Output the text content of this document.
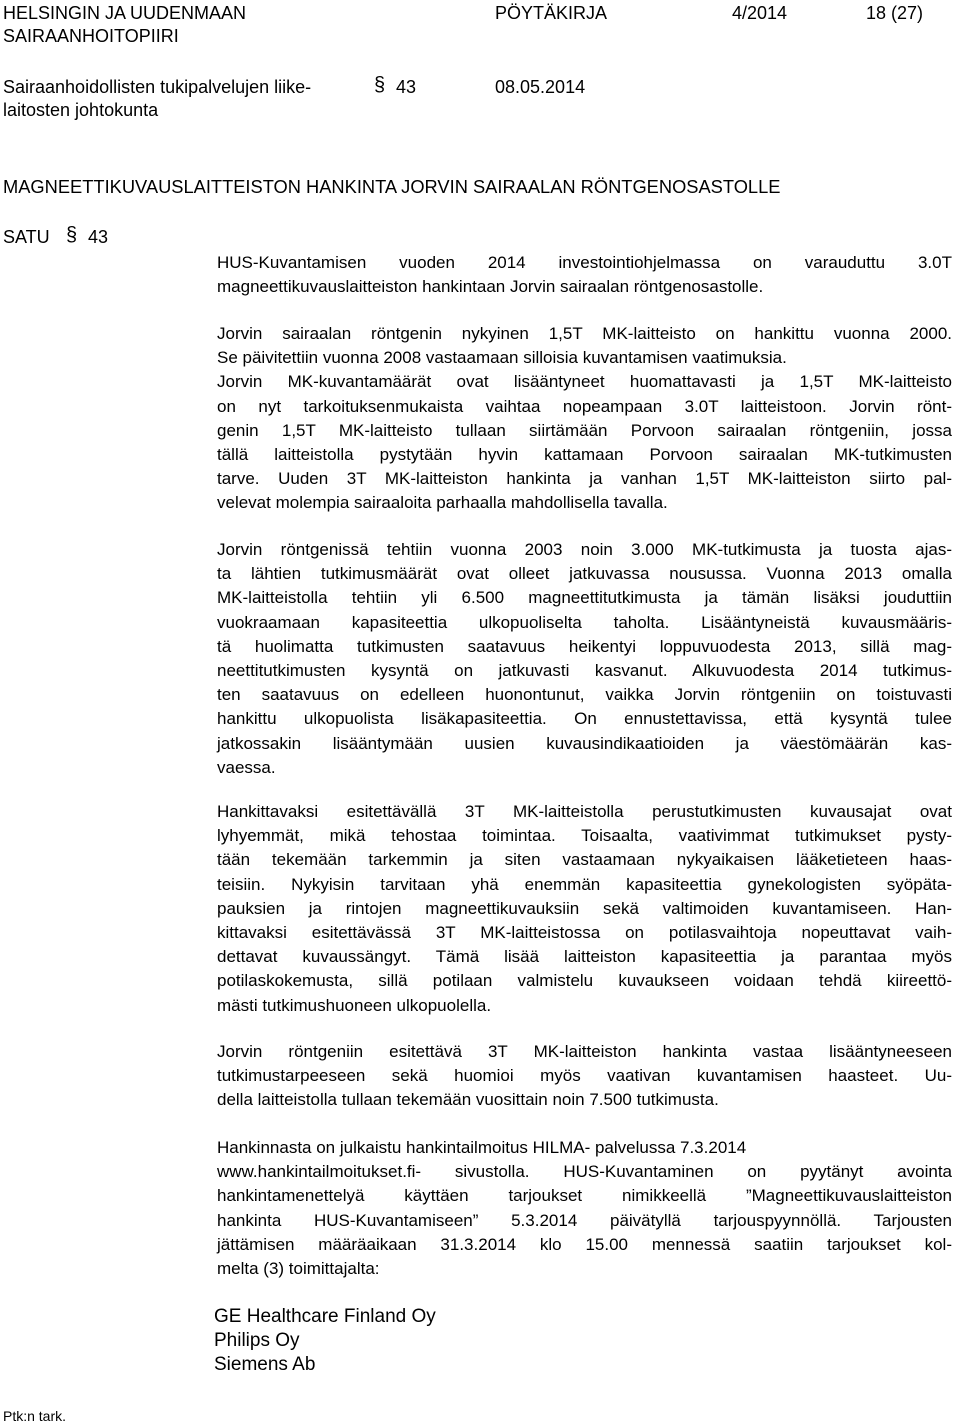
HELSINGIN JA UUDENMAAN
SAIRAANHOITOPIIRI
PÖYTÄKIRJA	4/2014	18 (27)
Sairaanhoidollisten tukipalvelujen liike-
laitosten johtokunta
§ 43	08.05.2014
MAGNEETTIKUVAUSLAITTEISTON HANKINTA JORVIN SAIRAALAN RÖNTGENOSASTOLLE
SATU § 43
HUS-Kuvantamisen vuoden 2014 investointiohjelmassa on varauduttu 3.0T
magneettikuvauslaitteiston hankintaan Jorvin sairaalan röntgenosastolle.
Jorvin sairaalan röntgenin nykyinen 1,5T MK-laitteisto on hankittu vuonna 2000.
Se päivitettiin vuonna 2008 vastaamaan silloisia kuvantamisen vaatimuksia.
Jorvin MK-kuvantamäärät ovat lisääntyneet huomattavasti ja 1,5T MK-laitteisto
on nyt tarkoituksenmukaista vaihtaa nopeampaan 3.0T laitteistoon. Jorvin rönt-
genin 1,5T MK-laitteisto tullaan siirtämään Porvoon sairaalan röntgeniin, jossa
tällä laitteistolla pystytään hyvin kattamaan Porvoon sairaalan MK-tutkimusten
tarve. Uuden 3T MK-laitteiston hankinta ja vanhan 1,5T MK-laitteiston siirto pal-
velevat molempia sairaaloita parhaalla mahdollisella tavalla.
Jorvin röntgenissä tehtiin vuonna 2003 noin 3.000 MK-tutkimusta ja tuosta ajas-
ta lähtien tutkimusmäärät ovat olleet jatkuvassa nousussa. Vuonna 2013 omalla
MK-laitteistolla tehtiin yli 6.500 magneettitutkimusta ja tämän lisäksi jouduttiin
vuokraamaan kapasiteettia ulkopuoliselta taholta. Lisääntyneistä kuvausmääris-
tä huolimatta tutkimusten saatavuus heikentyi loppuvuodesta 2013, sillä mag-
neettitutkimusten kysyntä on jatkuvasti kasvanut. Alkuvuodesta 2014 tutkimus-
ten saatavuus on edelleen huonontunut, vaikka Jorvin röntgeniin on toistuvasti
hankittu ulkopuolista lisäkapasiteettia. On ennustettavissa, että kysyntä tulee
jatkossakin lisääntymään uusien kuvausindikaatioiden ja väestömäärän kas-
vaessa.
Hankittavaksi esitettävällä 3T MK-laitteistolla perustutkimusten kuvausajat ovat
lyhyemmät, mikä tehostaa toimintaa. Toisaalta, vaativimmat tutkimukset pysty-
tään tekemään tarkemmin ja siten vastaamaan nykyaikaisen lääketieteen haas-
teisiin. Nykyisin tarvitaan yhä enemmän kapasiteettia gynekologisten syöpäta-
pauksien ja rintojen magneettikuvauksiin sekä valtimoiden kuvantamiseen. Han-
kittavaksi esitettävässä 3T MK-laitteistossa on potilasvaihtoja nopeuttavat vaih-
dettavat kuvaussängyt. Tämä lisää laitteiston kapasiteettia ja parantaa myös
potilaskokemusta, sillä potilaan valmistelu kuvaukseen voidaan tehdä kiireettö-
mästi tutkimushuoneen ulkopuolella.
Jorvin röntgeniin esitettävä 3T MK-laitteiston hankinta vastaa lisääntyneeseen
tutkimustarpeeseen sekä huomioi myös vaativan kuvantamisen haasteet. Uu-
della laitteistolla tullaan tekemään vuosittain noin 7.500 tutkimusta.
Hankinnasta on julkaistu hankintailmoitus HILMA- palvelussa 7.3.2014
www.hankintailmoitukset.fi- sivustolla. HUS-Kuvantaminen on pyytänyt avointa
hankintamenettelyä käyttäen tarjoukset nimikkeellä ”Magneettikuvauslaitteiston
hankinta HUS-Kuvantamiseen” 5.3.2014 päivätyllä tarjouspyynnöllä. Tarjousten
jättämisen määräaikaan 31.3.2014 klo 15.00 mennessä saatiin tarjoukset kol-
melta (3) toimittajalta:
GE Healthcare Finland Oy
Philips Oy
Siemens Ab
Ptk:n tark.
